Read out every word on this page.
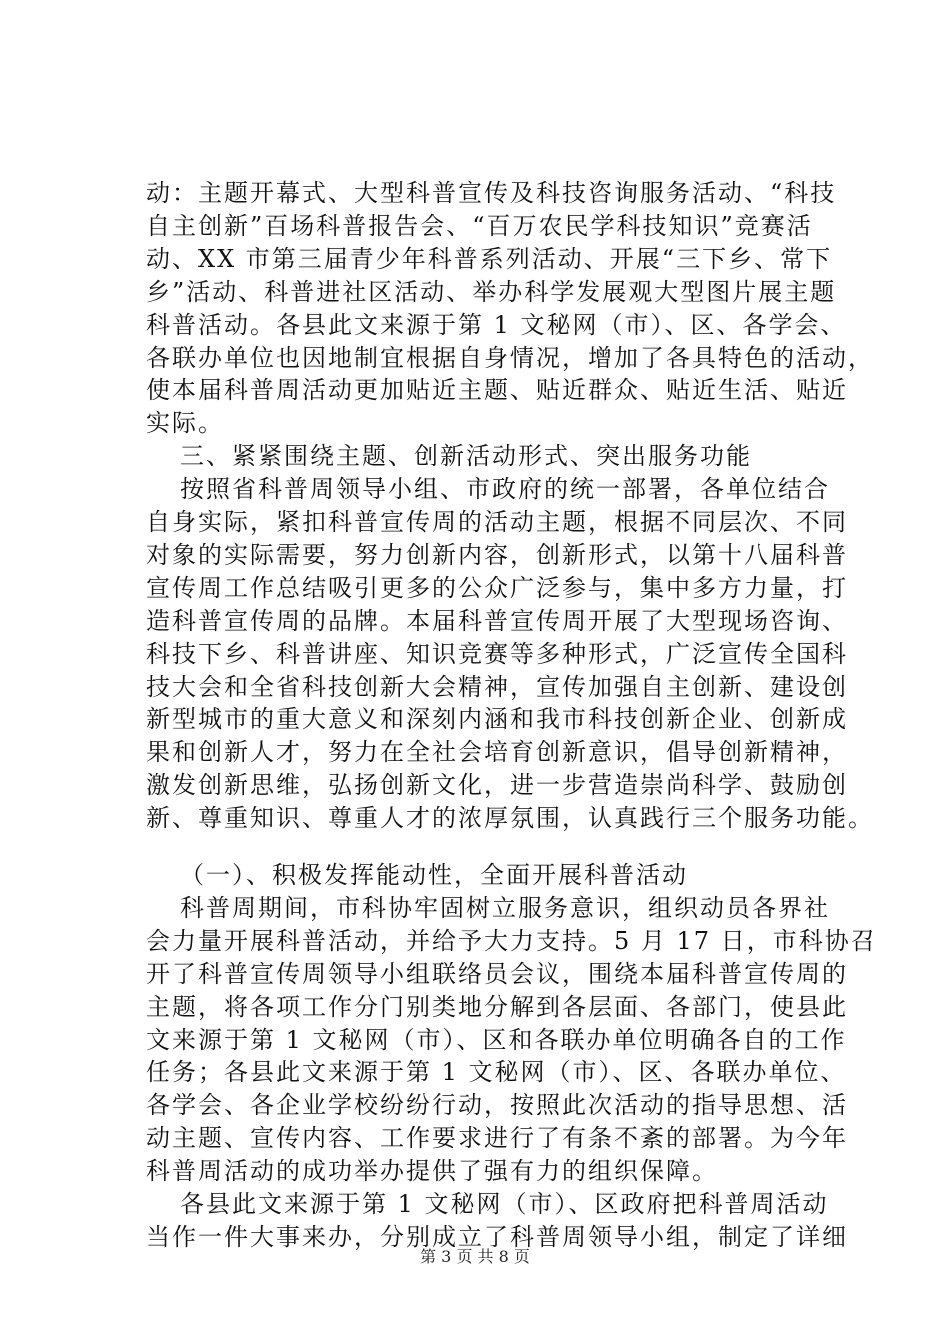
动：主题开幕式、大型科普宣传及科技咨询服务活动、“科技
自主创新”百场科普报告会、“百万农民学科技知识”竞赛活
动、XX 市第三届青少年科普系列活动、开展“三下乡、常下
乡”活动、科普进社区活动、举办科学发展观大型图片展主题
科普活动。各县此文来源于第 1 文秘网（市）、区、各学会、
各联办单位也因地制宜根据自身情况，增加了各具特色的活动，
使本届科普周活动更加贴近主题、贴近群众、贴近生活、贴近
实际。
三、紧紧围绕主题、创新活动形式、突出服务功能
按照省科普周领导小组、市政府的统一部署，各单位结合
自身实际，紧扣科普宣传周的活动主题，根据不同层次、不同
对象的实际需要，努力创新内容，创新形式，以第十八届科普
宣传周工作总结吸引更多的公众广泛参与，集中多方力量，打
造科普宣传周的品牌。本届科普宣传周开展了大型现场咨询、
科技下乡、科普讲座、知识竞赛等多种形式，广泛宣传全国科
技大会和全省科技创新大会精神，宣传加强自主创新、建设创
新型城市的重大意义和深刻内涵和我市科技创新企业、创新成
果和创新人才，努力在全社会培育创新意识，倡导创新精神，
激发创新思维，弘扬创新文化，进一步营造崇尚科学、鼓励创
新、尊重知识、尊重人才的浓厚氛围，认真践行三个服务功能。
（一）、积极发挥能动性，全面开展科普活动
科普周期间，市科协牢固树立服务意识，组织动员各界社
会力量开展科普活动，并给予大力支持。5 月 17 日，市科协召
开了科普宣传周领导小组联络员会议，围绕本届科普宣传周的
主题，将各项工作分门别类地分解到各层面、各部门，使县此
文来源于第 1 文秘网（市）、区和各联办单位明确各自的工作
任务；各县此文来源于第 1 文秘网（市）、区、各联办单位、
各学会、各企业学校纷纷行动，按照此次活动的指导思想、活
动主题、宣传内容、工作要求进行了有条不紊的部署。为今年
科普周活动的成功举办提供了强有力的组织保障。
各县此文来源于第 1 文秘网（市）、区政府把科普周活动
当作一件大事来办，分别成立了科普周领导小组，制定了详细
第 3 页 共 8 页
